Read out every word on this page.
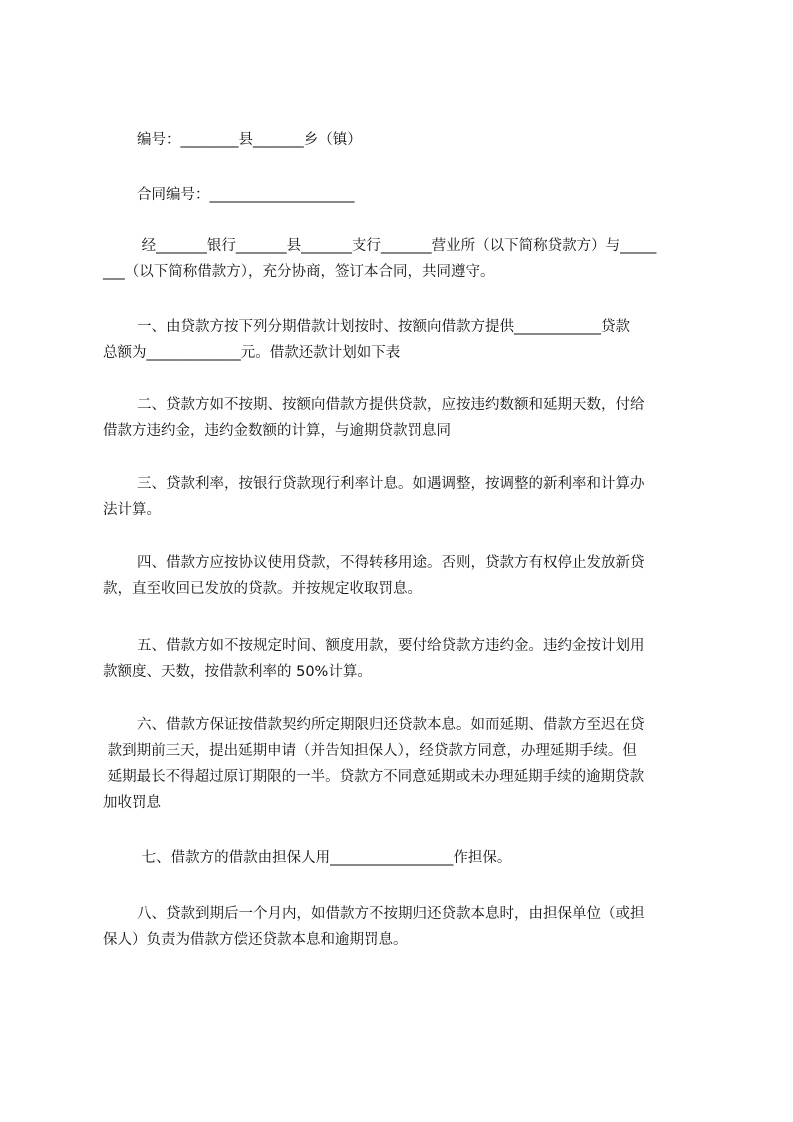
编号：________县_______乡（镇）
合同编号：____________________
经_______银行_______县_______支行_______营业所（以下简称贷款方）与_____
___（以下简称借款方），充分协商，签订本合同，共同遵守。
一、由贷款方按下列分期借款计划按时、按额向借款方提供____________贷款
总额为_____________元。借款还款计划如下表
二、贷款方如不按期、按额向借款方提供贷款，应按违约数额和延期天数，付给
借款方违约金，违约金数额的计算，与逾期贷款罚息同
三、贷款利率，按银行贷款现行利率计息。如遇调整，按调整的新利率和计算办
法计算。
四、借款方应按协议使用贷款，不得转移用途。否则，贷款方有权停止发放新贷
款，直至收回已发放的贷款。并按规定收取罚息。
五、借款方如不按规定时间、额度用款，要付给贷款方违约金。违约金按计划用
款额度、天数，按借款利率的 50%计算。
六、借款方保证按借款契约所定期限归还贷款本息。如而延期、借款方至迟在贷
款到期前三天，提出延期申请（并告知担保人），经贷款方同意，办理延期手续。但
延期最长不得超过原订期限的一半。贷款方不同意延期或未办理延期手续的逾期贷款
加收罚息
七、借款方的借款由担保人用_________________作担保。
八、贷款到期后一个月内，如借款方不按期归还贷款本息时，由担保单位（或担
保人）负责为借款方偿还贷款本息和逾期罚息。
